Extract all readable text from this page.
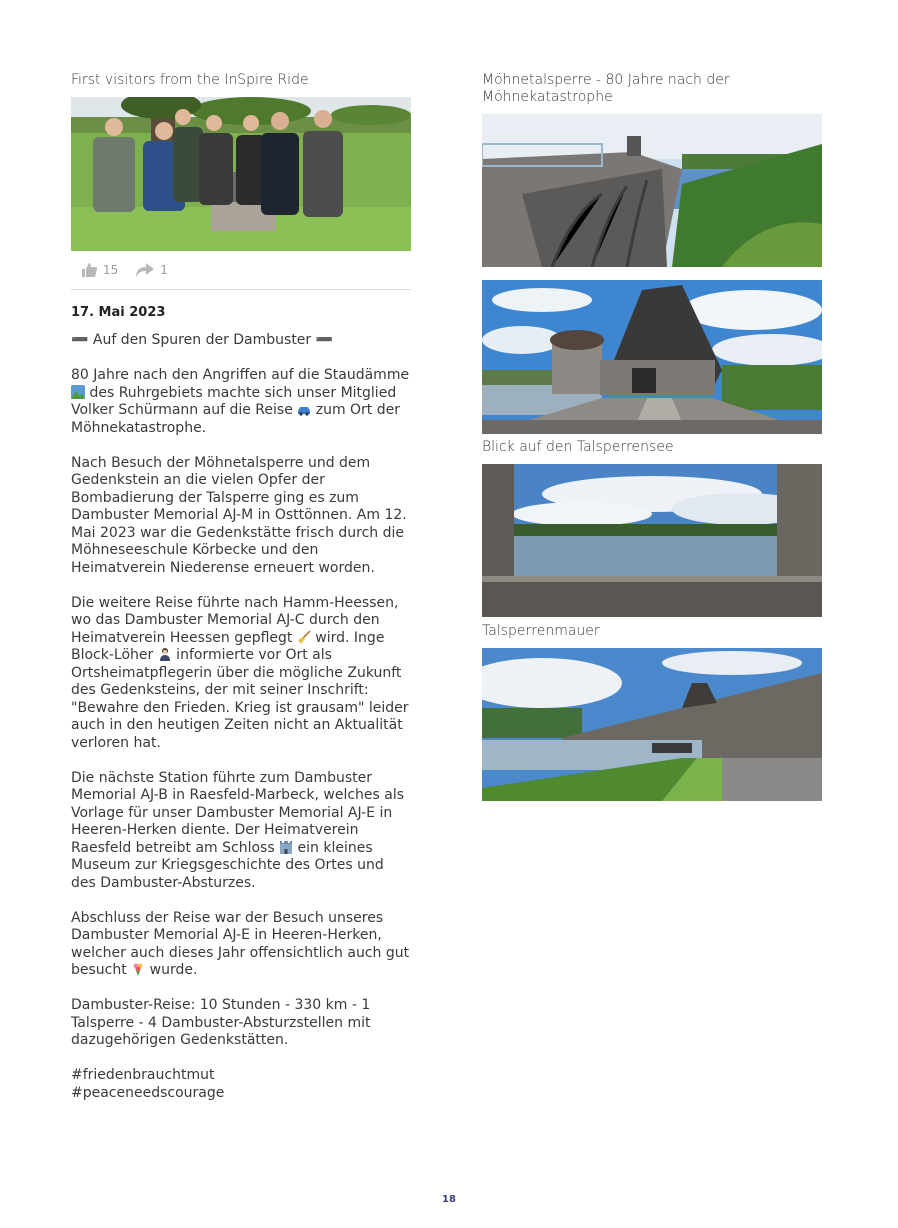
First visitors from the InSpire Ride
15	1
17. Mai 2023

➖ Auf den Spuren der Dambuster ➖

80 Jahre nach den Angriffen auf die Staudämme  des Ruhrgebiets machte sich unser Mitglied Volker Schürmann auf die Reise  zum Ort der Möhnekatastrophe.

Nach Besuch der Möhnetalsperre und dem Gedenkstein an die vielen Opfer der Bombadierung der Talsperre ging es zum Dambuster Memorial AJ-M in Osttönnen. Am 12. Mai 2023 war die Gedenkstätte frisch durch die Möhneseeschule Körbecke und den Heimatverein Niederense erneuert worden.

Die weitere Reise führte nach Hamm-Heessen, wo das Dambuster Memorial AJ-C durch den Heimatverein Heessen gepflegt  wird. Inge Block-Löher  informierte vor Ort als Ortsheimatpflegerin über die mögliche Zukunft des Gedenksteins, der mit seiner Inschrift: "Bewahre den Frieden. Krieg ist grausam" leider auch in den heutigen Zeiten nicht an Aktualität verloren hat.

Die nächste Station führte zum Dambuster Memorial AJ-B in Raesfeld-Marbeck, welches als Vorlage für unser Dambuster Memorial AJ-E in Heeren-Herken diente. Der Heimatverein Raesfeld betreibt am Schloss  ein kleines Museum zur Kriegsgeschichte des Ortes und des Dambuster-Absturzes.

Abschluss der Reise war der Besuch unseres Dambuster Memorial AJ-E in Heeren-Herken, welcher auch dieses Jahr offensichtlich auch gut besucht  wurde.

Dambuster-Reise: 10 Stunden - 330 km - 1 Talsperre - 4 Dambuster-Absturzstellen mit dazugehörigen Gedenkstätten.

#friedenbrauchtmut

#peaceneedscourage

Möhnetalsperre - 80 Jahre nach der Möhnekatastrophe
Blick auf den Talsperrensee
Talsperrenmauer
18
